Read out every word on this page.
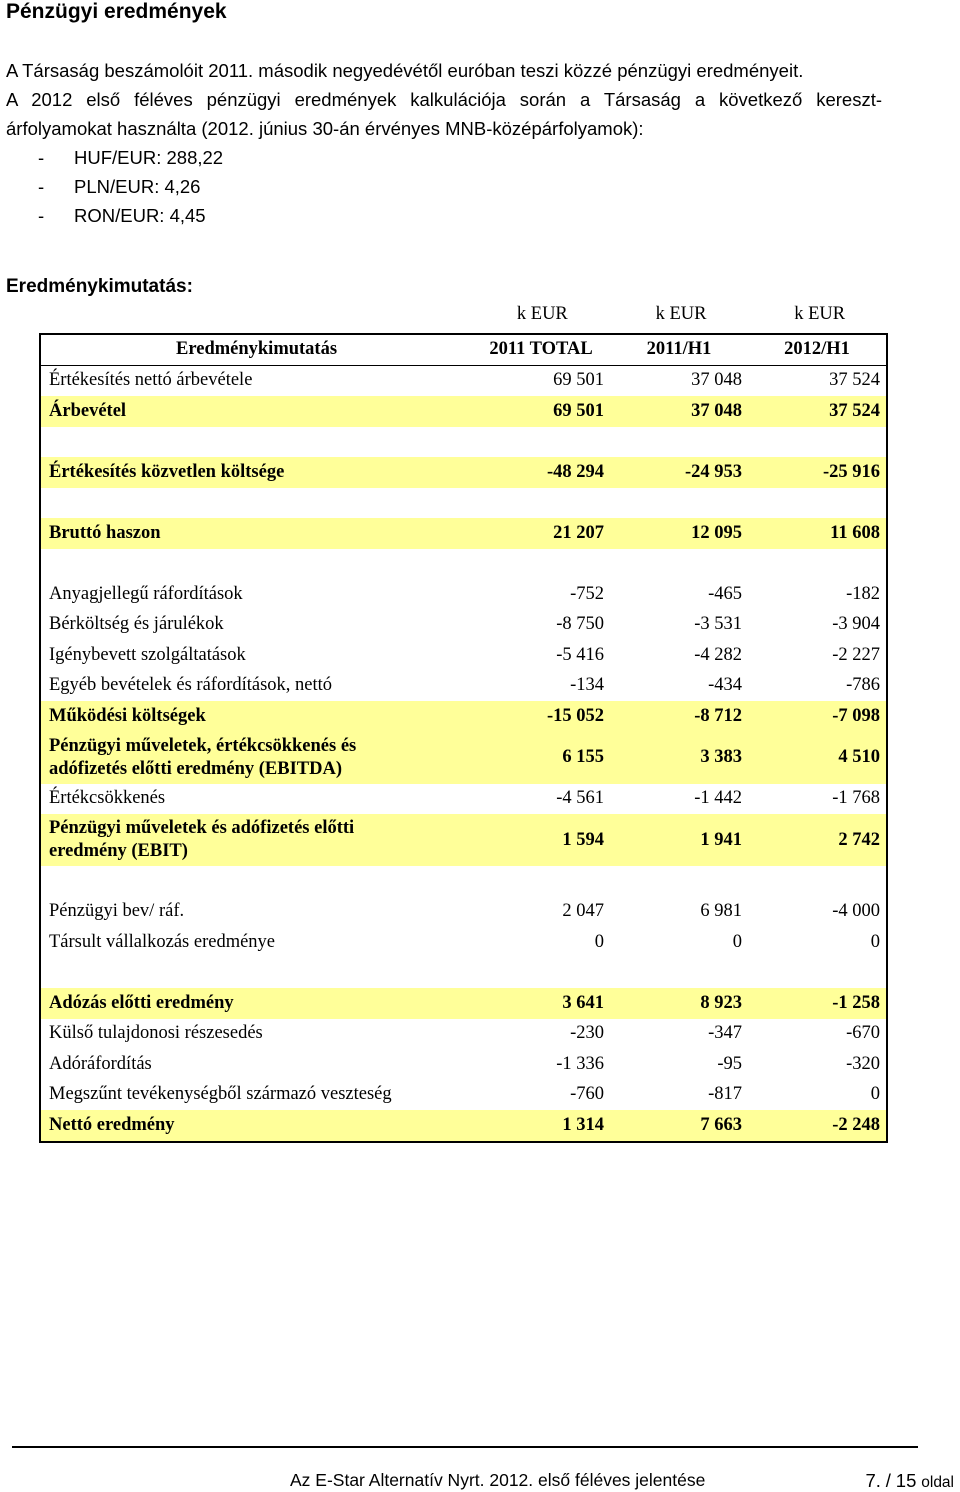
Pénzügyi eredmények

A Társaság beszámolóit 2011. második negyedévétől euróban teszi közzé pénzügyi eredményeit.

A 2012 első féléves pénzügyi eredmények kalkulációja során a Társaság a következő kereszt-árfolyamokat használta (2012. június 30-án érvényes MNB-középárfolyamok):

-	HUF/EUR: 288,22
-	PLN/EUR: 4,26
-	RON/EUR: 4,45
Eredménykimutatás:
k EUR	k EUR	k EUR
Eredménykimutatás	2011 TOTAL	2011/H1	2012/H1
Értékesítés nettó árbevétele	69 501	37 048	37 524
Árbevétel	69 501	37 048	37 524
Értékesítés közvetlen költsége	-48 294	-24 953	-25 916
Bruttó haszon	21 207	12 095	11 608
Anyagjellegű ráfordítások	-752	-465	-182
Bérköltség és járulékok	-8 750	-3 531	-3 904
Igénybevett szolgáltatások	-5 416	-4 282	-2 227
Egyéb bevételek és ráfordítások, nettó	-134	-434	-786
Működési költségek	-15 052	-8 712	-7 098
Pénzügyi műveletek, értékcsökkenés és
adófizetés előtti eredmény (EBITDA)
6 155	3 383	4 510
Értékcsökkenés	-4 561	-1 442	-1 768
Pénzügyi műveletek és adófizetés előtti
eredmény (EBIT)
1 594	1 941	2 742
Pénzügyi bev/ ráf.	2 047	6 981	-4 000
Társult vállalkozás eredménye	0	0	0
Adózás előtti eredmény	3 641	8 923	-1 258
Külső tulajdonosi részesedés	-230	-347	-670
Adóráfordítás	-1 336	-95	-320
Megszűnt tevékenységből származó veszteség	-760	-817	0
Nettó eredmény	1 314	7 663	-2 248
Az E-Star Alternatív Nyrt. 2012. első féléves jelentése	7. / 15 oldal
